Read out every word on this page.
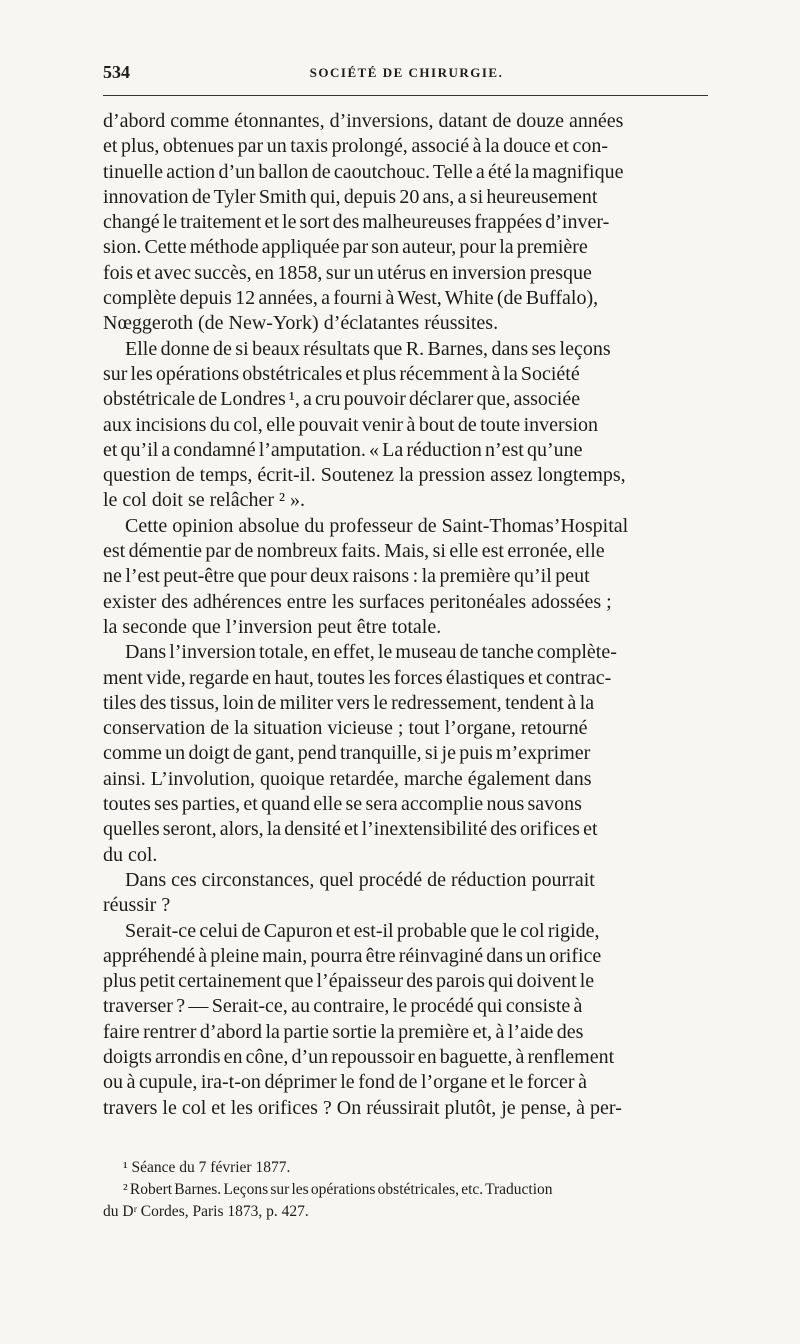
534	SOCIÉTÉ DE CHIRURGIE.
d’abord comme étonnantes, d’inversions, datant de douze années
et plus, obtenues par un taxis prolongé, associé à la douce et con-
tinuelle action d’un ballon de caoutchouc. Telle a été la magnifique
innovation de Tyler Smith qui, depuis 20 ans, a si heureusement
changé le traitement et le sort des malheureuses frappées d’inver-
sion. Cette méthode appliquée par son auteur, pour la première
fois et avec succès, en 1858, sur un utérus en inversion presque
complète depuis 12 années, a fourni à West, White (de Buffalo),
Nœggeroth (de New-York) d’éclatantes réussites.
Elle donne de si beaux résultats que R. Barnes, dans ses leçons
sur les opérations obstétricales et plus récemment à la Société
obstétricale de Londres ¹, a cru pouvoir déclarer que, associée
aux incisions du col, elle pouvait venir à bout de toute inversion
et qu’il a condamné l’amputation. « La réduction n’est qu’une
question de temps, écrit-il. Soutenez la pression assez longtemps,
le col doit se relâcher ² ».
Cette opinion absolue du professeur de Saint-Thomas’Hospital
est démentie par de nombreux faits. Mais, si elle est erronée, elle
ne l’est peut-être que pour deux raisons : la première qu’il peut
exister des adhérences entre les surfaces peritonéales adossées ;
la seconde que l’inversion peut être totale.
Dans l’inversion totale, en effet, le museau de tanche complète-
ment vide, regarde en haut, toutes les forces élastiques et contrac-
tiles des tissus, loin de militer vers le redressement, tendent à la
conservation de la situation vicieuse ; tout l’organe, retourné
comme un doigt de gant, pend tranquille, si je puis m’exprimer
ainsi. L’involution, quoique retardée, marche également dans
toutes ses parties, et quand elle se sera accomplie nous savons
quelles seront, alors, la densité et l’inextensibilité des orifices et
du col.
Dans ces circonstances, quel procédé de réduction pourrait
réussir ?
Serait-ce celui de Capuron et est-il probable que le col rigide,
appréhendé à pleine main, pourra être réinvaginé dans un orifice
plus petit certainement que l’épaisseur des parois qui doivent le
traverser ? — Serait-ce, au contraire, le procédé qui consiste à
faire rentrer d’abord la partie sortie la première et, à l’aide des
doigts arrondis en cône, d’un repoussoir en baguette, à renflement
ou à cupule, ira-t-on déprimer le fond de l’organe et le forcer à
travers le col et les orifices ? On réussirait plutôt, je pense, à per-
¹ Séance du 7 février 1877.
² Robert Barnes. Leçons sur les opérations obstétricales, etc. Traduction
du Dʳ Cordes, Paris 1873, p. 427.
